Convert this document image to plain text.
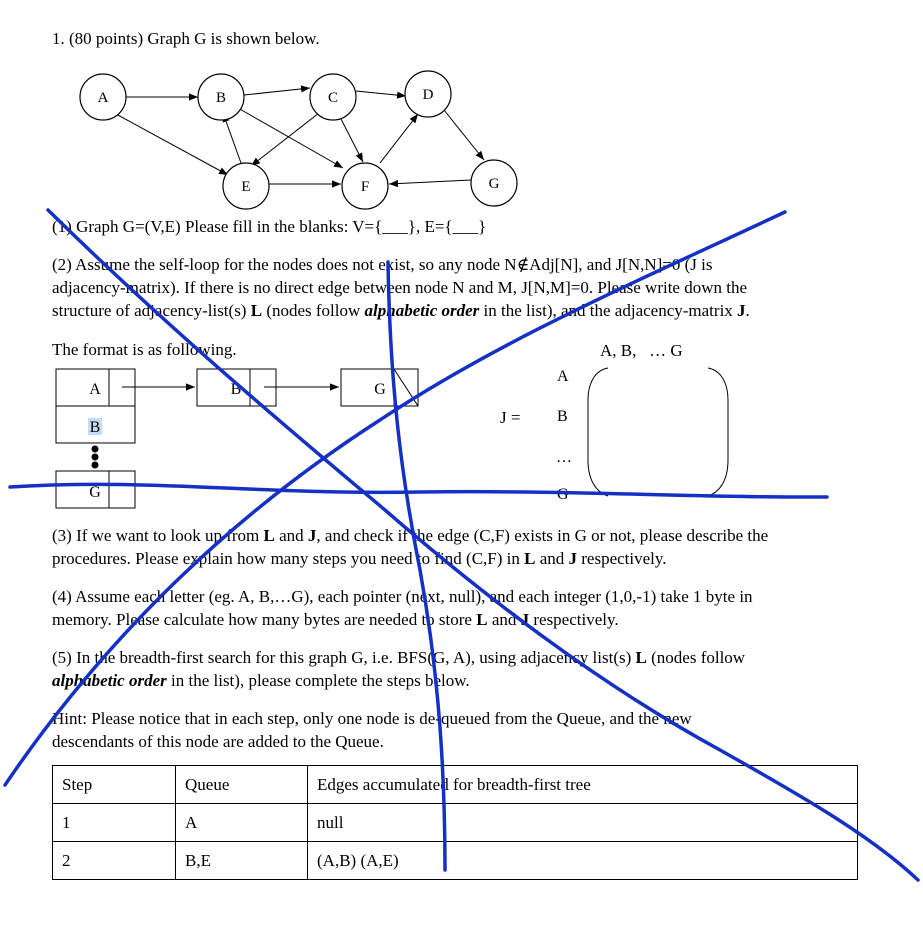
1. (80 points) Graph G is shown below.
A	B	C	D
E	F	G
(1) Graph G=(V,E) Please fill in the blanks: V={___}, E={___}
(2) Assume the self-loop for the nodes does not exist, so any node N∉Adj[N], and J[N,N]=0 (J is
adjacency-matrix). If there is no direct edge between node N and M, J[N,M]=0. Please write down the
structure of adjacency-list(s) L (nodes follow alphabetic order in the list), and the adjacency-matrix J.
The format is as following.
A	B	G
B
G
A, B,   … G
J =
A
B
…
G
(3) If we want to look up from L and J, and check if the edge (C,F) exists in G or not, please describe the
procedures. Please explain how many steps you need to find (C,F) in L and J respectively.
(4) Assume each letter (eg. A, B,…G), each pointer (next, null), and each integer (1,0,-1) take 1 byte in
memory. Please calculate how many bytes are needed to store L and J respectively.
(5) In the breadth-first search for this graph G, i.e. BFS(G, A), using adjacency list(s) L (nodes follow
alphabetic order in the list), please complete the steps below.
Hint: Please notice that in each step, only one node is de-queued from the Queue, and the new
descendants of this node are added to the Queue.
Step	Queue	Edges accumulated for breadth-first tree
1	A	null
2	B,E	(A,B) (A,E)
